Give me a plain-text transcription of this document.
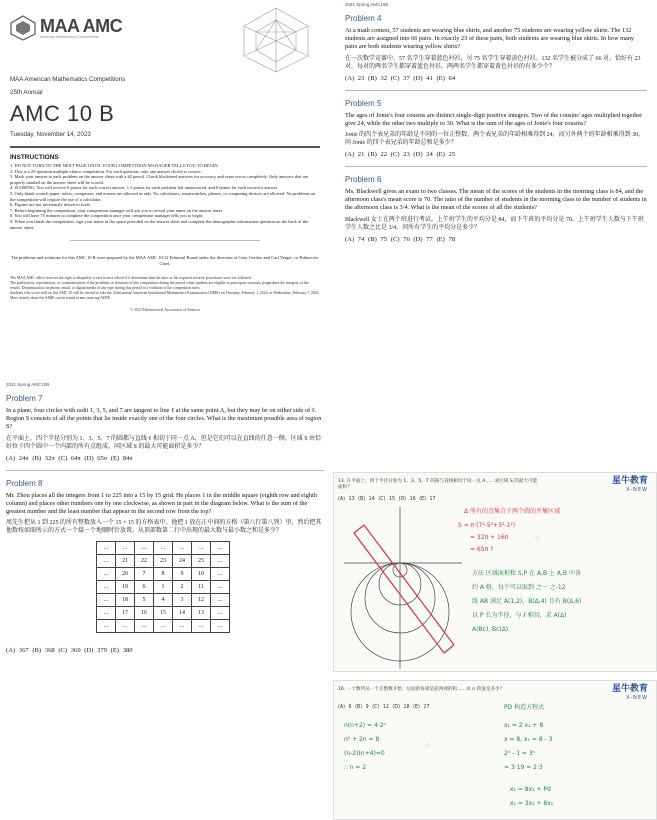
MAA AMC
American Mathematics Competitions
MAA American Mathematics Competitions
25th Annual
AMC 10 B
Tuesday, November 14, 2023
INSTRUCTIONS
1. DO NOT TURN TO THE NEXT PAGE UNTIL YOUR COMPETITION MANAGER TELLS YOU TO BEGIN.
2. This is a 25-question multiple-choice competition. For each question, only one answer choice is correct.
3. Mark your answer to each problem on the answer sheet with a #2 pencil. Check blackened answers for accuracy and erase errors completely. Only answers that are properly marked on the answer sheet will be scored.
4. SCORING: You will receive 6 points for each correct answer, 1.5 points for each problem left unanswered, and 0 points for each incorrect answer.
5. Only blank scratch paper, rulers, compasses, and erasers are allowed as aids. No calculators, smartwatches, phones, or computing devices are allowed. No problems on the competition will require the use of a calculator.
6. Figures are not necessarily drawn to scale.
7. Before beginning the competition, your competition manager will ask you to record your name on the answer sheet.
8. You will have 75 minutes to complete the competition once your competition manager tells you to begin.
9. When you finish the competition, sign your name in the space provided on the answer sheet and complete the demographic information question on the back of the answer sheet.
The problems and solutions for this AMC 10 B were prepared by the MAA AMC 10/12 Editorial Board under the direction of Gary Gordon and Carl Yerger, co-Editors-in-Chief.
The MAA AMC office reserves the right to disqualify scores from a school if it determines that the rules or the required security procedures were not followed.
The publication, reproduction, or communication of the problems or solutions of this competition during the period when students are eligible to participate seriously jeopardizes the integrity of the results. Dissemination via phone, email, or digital media of any type during this period is a violation of the competition rules.
Students who score well on this AMC 10 will be invited to take the 42nd annual American Invitational Mathematics Examination (AIME) on Thursday, February 1, 2024, or Wednesday, February 7, 2024. More details about the AIME can be found at amc.maa.org/AIME.
© 2023 Mathematical Association of America
2021 Spring AMC10B
Problem 4
At a math contest, 57 students are wearing blue shirts, and another 75 students are wearing yellow shirts. The 132 students are assigned into 66 pairs. In exactly 23 of these pairs, both students are wearing blue shirts. In how many pairs are both students wearing yellow shirts?
在一次数学竞赛中，57 名学生穿着蓝色衬衫，另 75 名学生穿着黄色衬衫。132 名学生被分成了 66 对。恰好有 23 对，每对的两名学生都穿着蓝色衬衫。两两名学生都穿着黄色衬衫的有多少个？
(A) 23 (B) 32 (C) 37 (D) 41 (E) 64
Problem 5
The ages of Jonie's four cousins are distinct single-digit positive integers. Two of the cousins' ages multiplied together give 24, while the other two multiply to 30. What is the sum of the ages of Jonie's four cousins?
Jonie 的四个表兄弟的年龄是不同的一位正整数。两个表兄弟的年龄相乘得到 24，而另外两个的年龄相乘得到 30。问 Jonie 的四个表兄弟的年龄总和是多少？
(A) 21 (B) 22 (C) 23 (D) 24 (E) 25
Problem 6
Ms. Blackwell gives an exam to two classes. The mean of the scores of the students in the morning class is 84, and the afternoon class's mean score is 70. The ratio of the number of students in the morning class to the number of students in the afternoon class is 3/4. What is the mean of the scores of all the students?
Blackwell 女士在两个班进行考试。上午班学生的平均分是 84，而下午班的平均分是 70。上午班学生人数与下午班学生人数之比是 3/4。问所有学生的平均分是多少？
(A) 74 (B) 75 (C) 76 (D) 77 (E) 78
2021 Spring AMC10B
Problem 7
In a plane, four circles with radii 1, 3, 5, and 7 are tangent to line ℓ at the same point A, but they may be on either side of ℓ. Region S consists of all the points that lie inside exactly one of the four circles. What is the maximum possible area of region S?
在平面上，四个半径分别为 1、3、5、7 的圆都与直线 ℓ 相切于同一点 A，但是它们可以在直线的任意一侧。区域 S 由恰好位于四个圆中一个内部的所有点组成。问区域 S 的最大可能面积是多少？
(A) 24π (B) 32π (C) 64π (D) 65π (E) 84π
Problem 8
Mr. Zhou places all the integers from 1 to 225 into a 15 by 15 grid. He places 1 in the middle square (eighth row and eighth column) and places other numbers one by one clockwise, as shown in part in the diagram below. What is the sum of the greatest number and the least number that appear in the second row from the top?
周先生把从 1 到 225 的所有整数放入一个 15 × 15 的方格表中。他把 1 放在正中间的方格（第八行第八列）里，然后把其他数按如图所示的方式一个接一个地顺时针放置。从顶部数第二行中出现的最大数与最小数之和是多少？
...	...	...	...	...	...	...
...	21	22	23	24	25	...
...	20	7	8	9	10	...
...	19	6	1	2	11	...
...	18	5	4	3	12	...
...	17	16	15	14	13	...
...	...	...	...	...	...	...
(A) 367 (B) 368 (C) 369 (D) 379 (E) 380
星牛教育
X-NEW
13. 在平面上，四个半径分别为 1、3、5、7 的圆与直线相切于同一点 A……求区域 S 的最大可能面积？
(A) 13 (B) 14 (C) 15 (D) 16 (E) 17
Δ 所有的点集合于两个圆的并集区域
S = π·(7²-5²+3²-1²)
= 32π + 16π
= 65π ?
方法 区域面积和 S,P 在 A,B 上 A,B 中各
约 A 格，每个可以取到 之一 之-12
线 AB 满足 A(1,2)、B(Δ,4) 且有 B(Δ,6)
以 P 长为半径，与 ℓ 相切，求 A(Δ)
A(Bc), Bc(Δ)
✕
✕
星牛教育
X-NEW
16. 一个数列从一个正整数开始，后面的每项是前两项的和……求 n 的值是多少？
(A) 6 (B) 9 (C) 12 (D) 18 (E) 27	PD 构造方程式
n(n+2) = 4·2ⁿ
n² + 2n = 8
(n-2)(n+4)=0
∴ n = 2
x₁ = 2 x₁ + 8
x = 8, x₁ = 8 - 3
2ⁿ - 1 = 3ⁿ
= 3·19 = 2·3
x₁ = 8x₁ + Pd
x₂ = 3x₁ + 8x₁
✕
